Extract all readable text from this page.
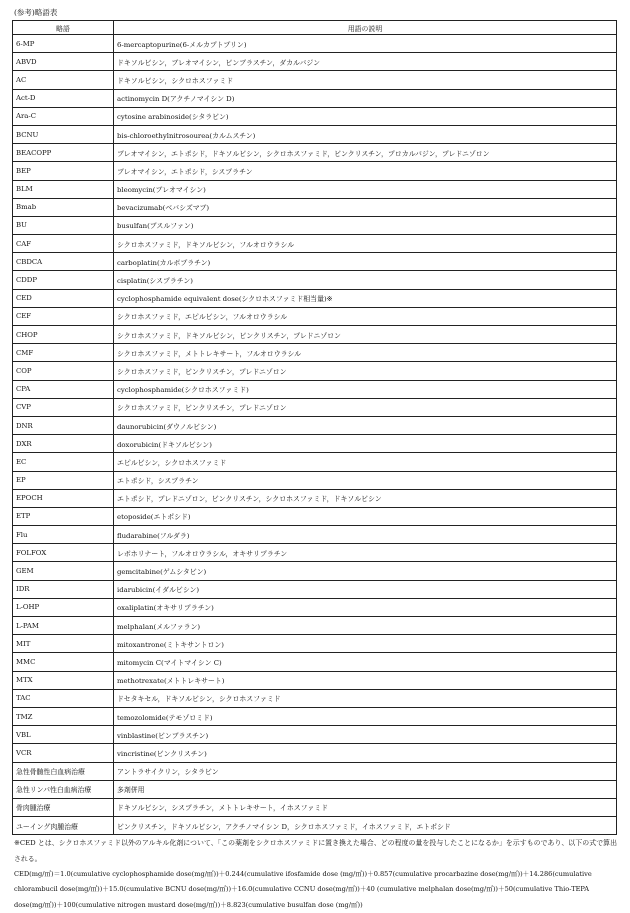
(参考)略語表
略語	用語の説明
6-MP	6-mercaptopurine(6-メルカプトプリン)
ABVD	ドキソルビシン，ブレオマイシン，ビンブラスチン，ダカルバジン
AC	ドキソルビシン，シクロホスファミド
Act-D	actinomycin D(アクチノマイシン D)
Ara-C	cytosine arabinoside(シタラビン)
BCNU	bis-chloroethylnitrosourea(カルムスチン)
BEACOPP	ブレオマイシン，エトポシド，ドキソルビシン，シクロホスファミド，ビンクリスチン，プロカルバジン，プレドニゾロン
BEP	ブレオマイシン，エトポシド，シスプラチン
BLM	bleomycin(ブレオマイシン)
Bmab	bevacizumab(ベバシズマブ)
BU	busulfan(ブスルファン)
CAF	シクロホスファミド，ドキソルビシン，フルオロウラシル
CBDCA	carboplatin(カルボプラチン)
CDDP	cisplatin(シスプラチン)
CED	cyclophosphamide equivalent dose(シクロホスファミド相当量)※
CEF	シクロホスファミド，エピルビシン，フルオロウラシル
CHOP	シクロホスファミド，ドキソルビシン，ビンクリスチン，プレドニゾロン
CMF	シクロホスファミド，メトトレキサート，フルオロウラシル
COP	シクロホスファミド，ビンクリスチン，プレドニゾロン
CPA	cyclophosphamide(シクロホスファミド)
CVP	シクロホスファミド，ビンクリスチン，プレドニゾロン
DNR	daunorubicin(ダウノルビシン)
DXR	doxorubicin(ドキソルビシン)
EC	エピルビシン，シクロホスファミド
EP	エトポシド，シスプラチン
EPOCH	エトポシド，プレドニゾロン，ビンクリスチン，シクロホスファミド，ドキソルビシン
ETP	etoposide(エトポシド)
Flu	fludarabine(フルダラ)
FOLFOX	レボホリナート，フルオロウラシル，オキサリプラチン
GEM	gemcitabine(ゲムシタビン)
IDR	idarubicin(イダルビシン)
L-OHP	oxaliplatin(オキサリプラチン)
L-PAM	melphalan(メルファラン)
MIT	mitoxantrone(ミトキサントロン)
MMC	mitomycin C(マイトマイシン C)
MTX	methotrexate(メトトレキサート)
TAC	ドセタキセル，ドキソルビシン，シクロホスファミド
TMZ	temozolomide(テモゾロミド)
VBL	vinblastine(ビンブラスチン)
VCR	vincristine(ビンクリスチン)
急性骨髄性白血病治療	アントラサイクリン，シタラビン
急性リンパ性白血病治療	多剤併用
骨肉腫治療	ドキソルビシン，シスプラチン，メトトレキサート，イホスファミド
ユーイング肉腫治療	ビンクリスチン，ドキソルビシン，アクチノマイシン D，シクロホスファミド，イホスファミド，エトポシド
※CED とは、シクロホスファミド以外のアルキル化剤について、「この薬剤をシクロホスファミドに置き換えた場合、どの程度の量を投与したことになるか」を示すものであり、以下の式で算出される。
CED(mg/㎡)＝1.0(cumulative cyclophosphamide dose(mg/㎡))＋0.244(cumulative ifosfamide dose (mg/㎡))＋0.857(cumulative procarbazine dose(mg/㎡))＋14.286(cumulative chlorambucil dose(mg/㎡))＋15.0(cumulative BCNU dose(mg/㎡))＋16.0(cumulative CCNU dose(mg/㎡))＋40 (cumulative melphalan dose(mg/㎡))＋50(cumulative Thio-TEPA dose(mg/㎡))＋100(cumulative nitrogen mustard dose(mg/㎡))＋8.823(cumulative busulfan dose (mg/㎡))
